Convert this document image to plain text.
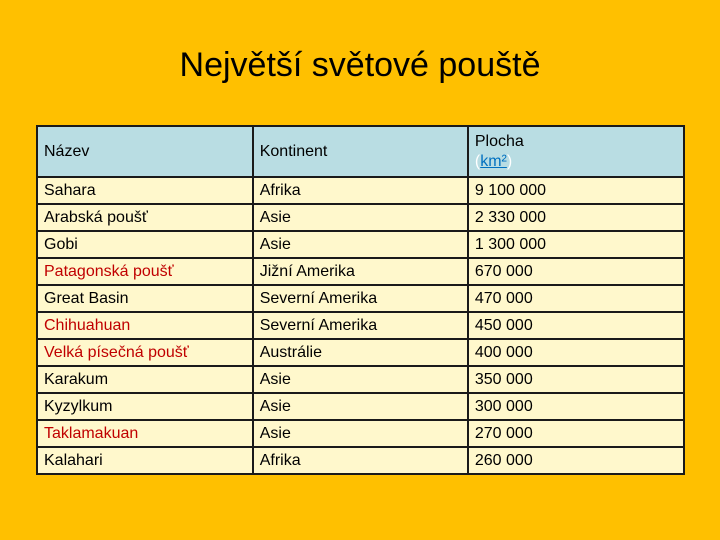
Největší světové pouště
Název	Kontinent	Plocha
(km²)

Sahara	Afrika	9 100 000
Arabská poušť	Asie	2 330 000
Gobi	Asie	1 300 000
Patagonská poušť	Jižní Amerika	670 000
Great Basin	Severní Amerika	470 000
Chihuahuan	Severní Amerika	450 000
Velká písečná poušť	Austrálie	400 000
Karakum	Asie	350 000
Kyzylkum	Asie	300 000
Taklamakuan	Asie	270 000
Kalahari	Afrika	260 000
